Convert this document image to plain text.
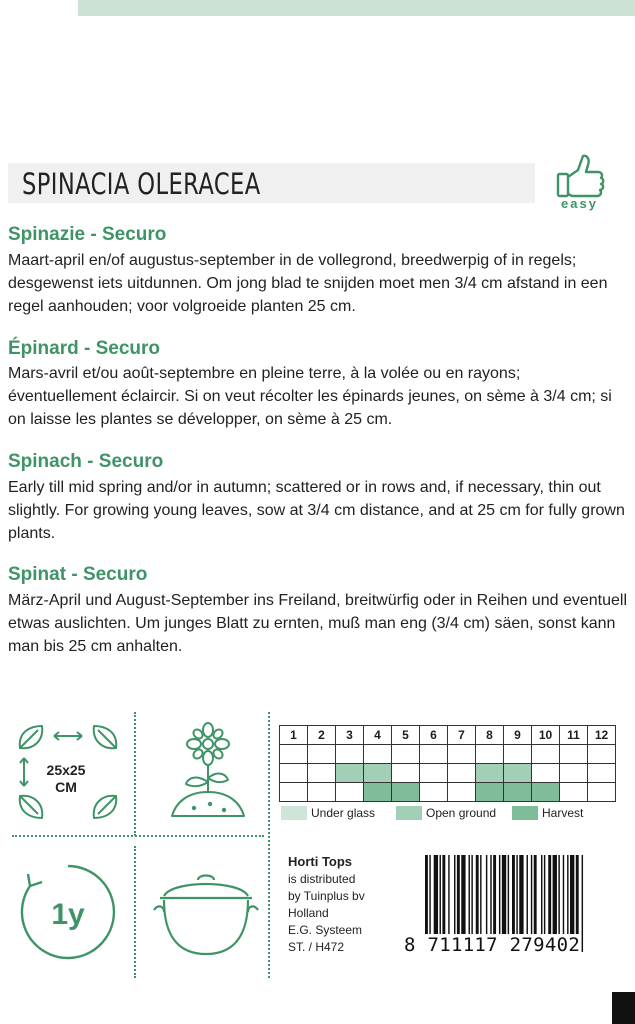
SPINACIA OLERACEA
easy
Spinazie - Securo

Maart-april en/of augustus-september in de vollegrond, breedwerpig of in regels; desgewenst iets uitdunnen. Om jong blad te snijden moet men 3/4 cm afstand in een regel aanhouden; voor volgroeide planten 25 cm.

Épinard - Securo

Mars-avril et/ou août-septembre en pleine terre, à la volée ou en rayons; éventuellement éclaircir. Si on veut récolter les épinards jeunes, on sème à 3/4 cm; si on laisse les plantes se développer, on sème à 25 cm.

Spinach - Securo

Early till mid spring and/or in autumn; scattered or in rows and, if necessary, thin out slightly. For growing young leaves, sow at 3/4 cm distance, and at 25 cm for fully grown plants.

Spinat - Securo

März-April und August-September ins Freiland, breitwürfig oder in Reihen und eventuell etwas auslichten. Um junges Blatt zu ernten, muß man eng (3/4 cm) säen, sonst kann man bis 25 cm anhalten.

25x25
CM
1y
1	2	3	4	5	6	7	8	9	10	11	12

Under glass	Open ground	Harvest
Horti Tops
is distributed
by Tuinplus bv
Holland
E.G. Systeem
ST. / H472	8 711117 279402
